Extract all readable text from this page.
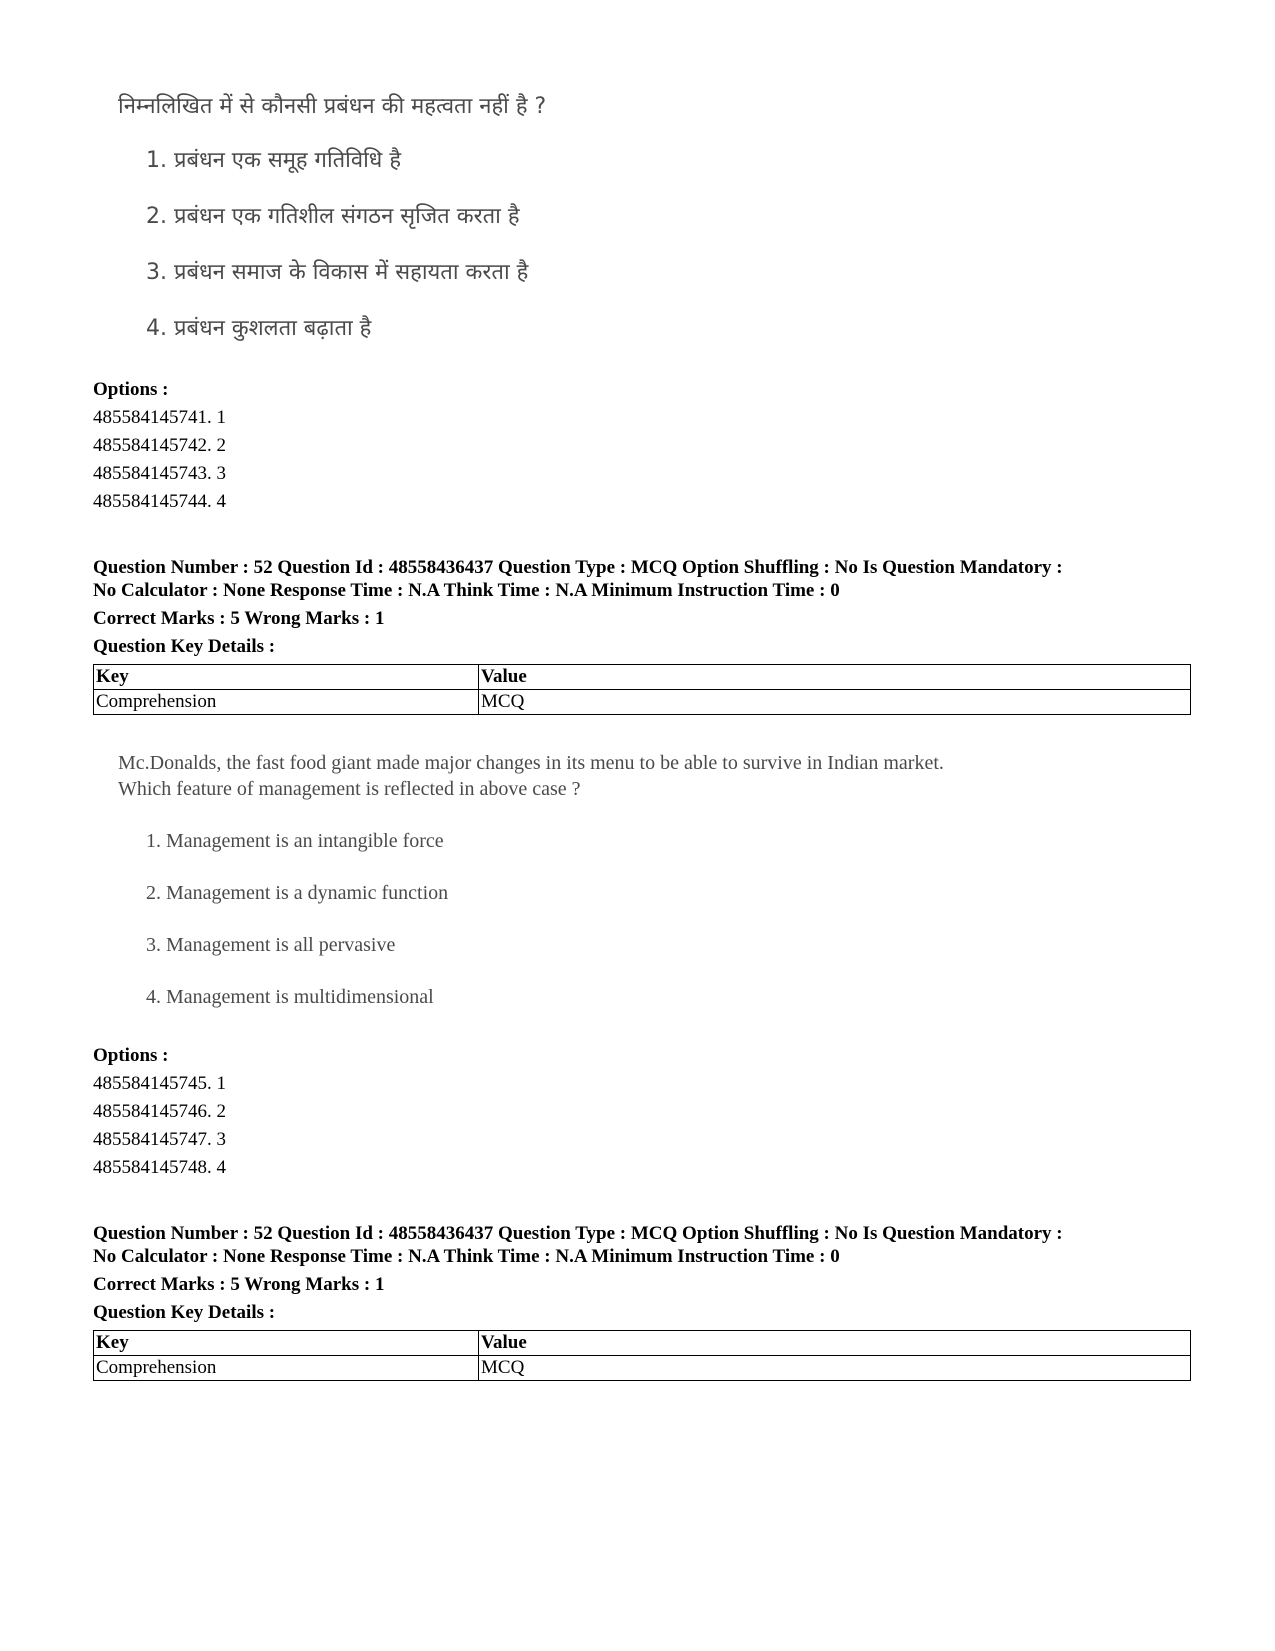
निम्नलिखित में से कौनसी प्रबंधन की महत्वता नहीं है ?
1. प्रबंधन एक समूह गतिविधि है
2. प्रबंधन एक गतिशील संगठन सृजित करता है
3. प्रबंधन समाज के विकास में सहायता करता है
4. प्रबंधन कुशलता बढ़ाता है
Options :
485584145741. 1
485584145742. 2
485584145743. 3
485584145744. 4
Question Number : 52 Question Id : 48558436437 Question Type : MCQ Option Shuffling : No Is Question Mandatory :
No Calculator : None Response Time : N.A Think Time : N.A Minimum Instruction Time : 0
Correct Marks : 5 Wrong Marks : 1
Question Key Details :
Key	Value
Comprehension	MCQ
Mc.Donalds, the fast food giant made major changes in its menu to be able to survive in Indian market.
Which feature of management is reflected in above case ?
1. Management is an intangible force
2. Management is a dynamic function
3. Management is all pervasive
4. Management is multidimensional
Options :
485584145745. 1
485584145746. 2
485584145747. 3
485584145748. 4
Question Number : 52 Question Id : 48558436437 Question Type : MCQ Option Shuffling : No Is Question Mandatory :
No Calculator : None Response Time : N.A Think Time : N.A Minimum Instruction Time : 0
Correct Marks : 5 Wrong Marks : 1
Question Key Details :
Key	Value
Comprehension	MCQ
